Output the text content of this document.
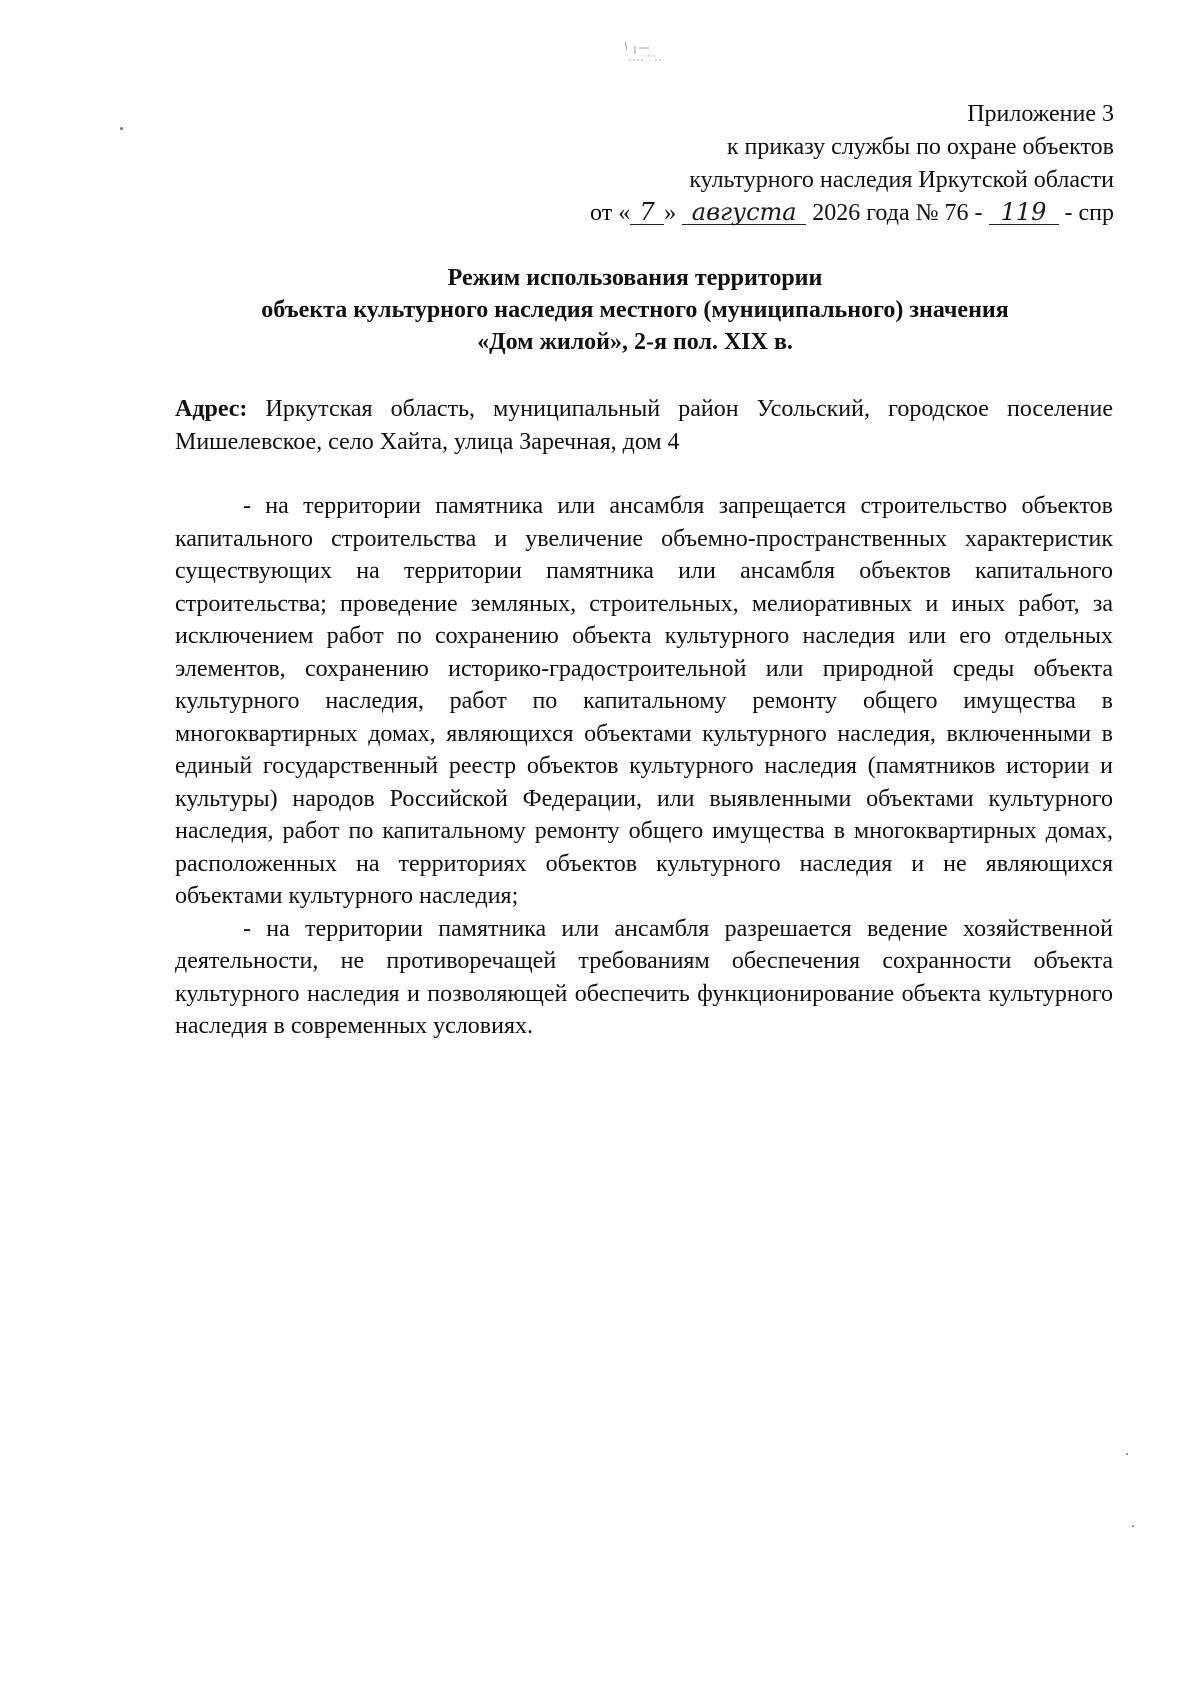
Приложение 3
к приказу службы по охране объектов
культурного наследия Иркутской области
от « 7 » августа 2026 года № 76 - 119 - спр
Режим использования территории
объекта культурного наследия местного (муниципального) значения
«Дом жилой», 2-я пол. XIX в.
Адрес: Иркутская область, муниципальный район Усольский, городское поселение Мишелевское, село Хайта, улица Заречная, дом 4

- на территории памятника или ансамбля запрещается строительство объектов капитального строительства и увеличение объемно-пространственных характеристик существующих на территории памятника или ансамбля объектов капитального строительства; проведение земляных, строительных, мелиоративных и иных работ, за исключением работ по сохранению объекта культурного наследия или его отдельных элементов, сохранению историко-градостроительной или природной среды объекта культурного наследия, работ по капитальному ремонту общего имущества в многоквартирных домах, являющихся объектами культурного наследия, включенными в единый государственный реестр объектов культурного наследия (памятников истории и культуры) народов Российской Федерации, или выявленными объектами культурного наследия, работ по капитальному ремонту общего имущества в многоквартирных домах, расположенных на территориях объектов культурного наследия и не являющихся объектами культурного наследия;

- на территории памятника или ансамбля разрешается ведение хозяйственной деятельности, не противоречащей требованиям обеспечения сохранности объекта культурного наследия и позволяющей обеспечить функционирование объекта культурного наследия в современных условиях.
